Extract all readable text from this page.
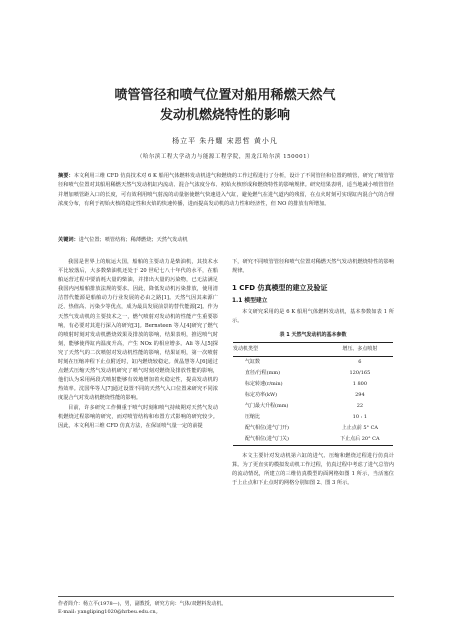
喷管管径和喷气位置对船用稀燃天然气
发动机燃烧特性的影响
杨立平 朱丹耀 宋恩哲 黄小凡
（哈尔滨工程大学动力与能源工程学院，黑龙江哈尔滨 150001）
摘要：本文利用三维 CFD 仿真技术对 6 K 船用气体燃料发动机进气和燃烧的工作过程进行了分析，设计了不同管径和位置的喷管，研究了喷管管径和喷气位置对其船用稀燃天然气发动机缸内流动、混合气浓度分布、初始火核形成和燃烧特性的影响规律。研究结果表明，适当地减小喷管管径并增加喷管距入口的长度，可有效利用喷气射流的动量驱使燃气快速进入气缸，避免燃气在进气道内的残留，在点火时刻可实现缸内混合气的合理浓度分布，有利于初始火核的稳定性和火焰的快速传播，进而提高发动机的动力性和经济性，但 NO 的排放有所增加。
关键词：进气位置；喷管结构；稀薄燃烧；天然气发动机

我国是世界上的航运大国，船舶的主要动力是柴油机，其技术水平比较落后，大多数柴油机还处于 20 世纪七八十年代的水平，在船舶运营过程中要消耗大量的柴油，并排出大量的污染物，已无法满足我国内河船舶排放法规的要求。因此，降低发动机污染排放，使用清洁替代能源是船舶动力行业发展的必由之路[1]。天然气因其来源广泛、热值高、污染少等优点，成为最具发展前景的替代能源[2]。作为天然气发动机的主要技术之一，燃气喷射对发动机的性能产生重要影响，有必要对其进行深入的研究[3]。Bernsteen 等人[4]研究了燃气的喷射时刻对发动机燃烧效果及排放的影响，结果表明，推迟喷气时刻，能够使得缸内温度升高，产生 NOx 的相应增多。Ali 等人[5]探究了天然气的二次喷射对发动机性能的影响，结果证明，第一次喷射时刻在压缩冲程下止点附近时，缸内燃烧较稳定。黄晶慧等人[6]通过点燃式压缩天然气发动机研究了喷气时刻对燃烧及排放性能的影响，他们认为采用两段式喷射能够有效地增加着火稳定性，提高发动机的热效率。沈国华等人[7]通过设置不同的天然气入口位置来研究不同浓度混合气对发动机燃烧性能的影响。

目前，许多研究工作侧重于喷气时刻和喷气持续期对天然气发动机燃烧过程影响的研究，而对喷管结构和布置方式影响的研究较少。因此，本文利用三维 CFD 仿真方法，在保证喷气量一定的前提

下，研究不同喷管管径和喷气位置对稀燃天然气发动机燃烧特性的影响规律。

1 CFD 仿真模型的建立及验证
1.1 模型建立

本文研究采用的是 6 K 船用气体燃料发动机，基本参数如表 1 所示。

表 1 天然气发动机的基本参数
发动机类型	增压、多点喷射
气缸数	6
直径/行程(mm)	120/165
标定转速(r/min)	1 800
标定功率(kW)	294
气门最大升程(mm)	22
压缩比	10 : 1
配气相位(进气门开)	上止点前 5° CA
配气相位(进气门关)	下止点后 20° CA

本文主要针对发动机第六缸的进气、压缩和燃烧过程进行仿真计算。为了更直实的模拟发动机工作过程，仿真过程中考虑了进气总管内的流动情况，所建立的三维仿真模型的面网格如图 1 所示，当活塞位于上止点和下止点时的网格分别如图 2、图 3 所示。

作者简介：杨立平(1978—)，男，副教授，研究方向：气体/双燃料发动机。
E-mail: yangliping1020@hrbeu.edu.cn。
